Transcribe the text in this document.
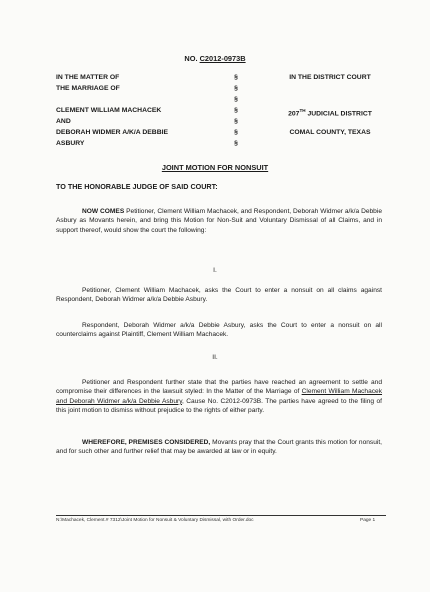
NO. C2012-0973B
IN THE MATTER OF	§	IN THE DISTRICT COURT
THE MARRIAGE OF	§
§
CLEMENT WILLIAM MACHACEK	§	207TH JUDICIAL DISTRICT
AND	§
DEBORAH WIDMER A/K/A DEBBIE	§	COMAL COUNTY, TEXAS
ASBURY	§
JOINT MOTION FOR NONSUIT
TO THE HONORABLE JUDGE OF SAID COURT:
NOW COMES Petitioner, Clement William Machacek, and Respondent, Deborah Widmer a/k/a Debbie Asbury as Movants herein, and bring this Motion for Non-Suit and Voluntary Dismissal of all Claims, and in support thereof, would show the court the following:
I.
Petitioner, Clement William Machacek, asks the Court to enter a nonsuit on all claims against Respondent, Deborah Widmer a/k/a Debbie Asbury.
Respondent, Deborah Widmer a/k/a Debbie Asbury, asks the Court to enter a nonsuit on all counterclaims against Plaintiff, Clement William Machacek.
II.
Petitioner and Respondent further state that the parties have reached an agreement to settle and compromise their differences in the lawsuit styled: In the Matter of the Marriage of Clement William Machacek and Deborah Widmer a/k/a Debbie Asbury, Cause No. C2012-0973B. The parties have agreed to the filing of this joint motion to dismiss without prejudice to the rights of either party.
WHEREFORE, PREMISES CONSIDERED, Movants pray that the Court grants this motion for nonsuit, and for such other and further relief that may be awarded at law or in equity.
N:\Machacek, Clement.# 7312\Joint Motion for Nonsuit & Voluntary Dismissal, with Order.doc	Page 1
